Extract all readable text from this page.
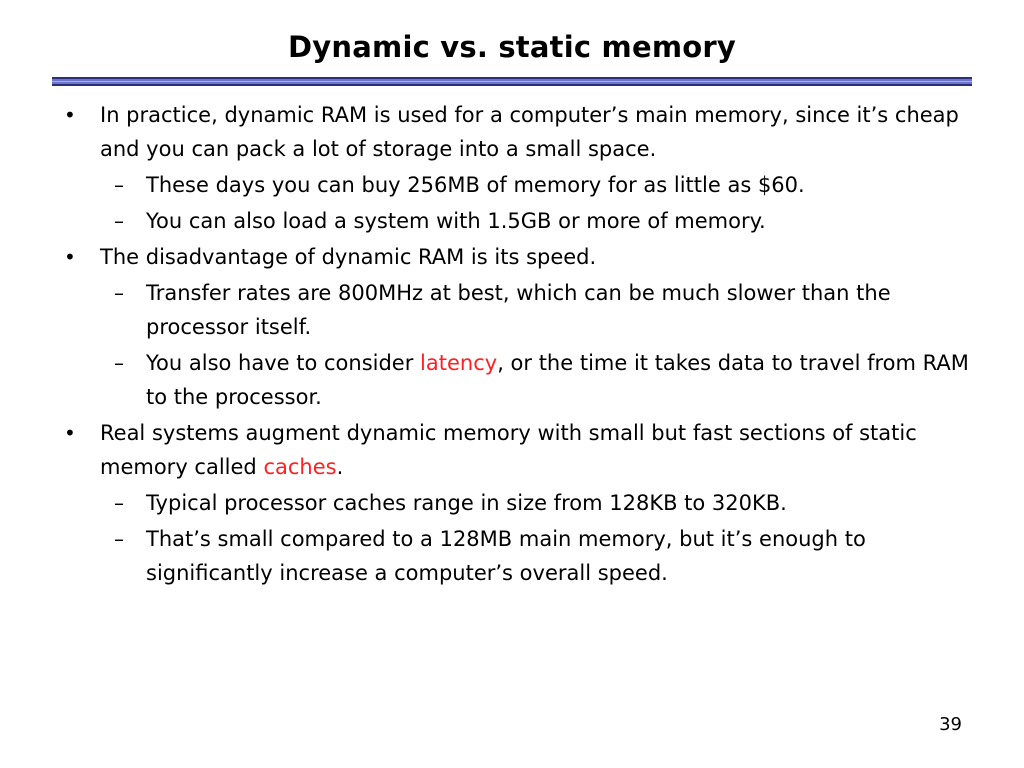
Dynamic vs. static memory
• In practice, dynamic RAM is used for a computer’s main memory, since it’s cheap and you can pack a lot of storage into a small space.
– These days you can buy 256MB of memory for as little as $60.
– You can also load a system with 1.5GB or more of memory.
• The disadvantage of dynamic RAM is its speed.
– Transfer rates are 800MHz at best, which can be much slower than the processor itself.
– You also have to consider latency, or the time it takes data to travel from RAM to the processor.
• Real systems augment dynamic memory with small but fast sections of static memory called caches.
– Typical processor caches range in size from 128KB to 320KB.
– That’s small compared to a 128MB main memory, but it’s enough to significantly increase a computer’s overall speed.
39
